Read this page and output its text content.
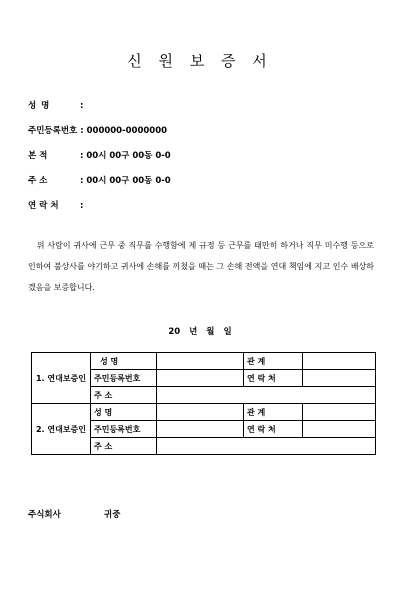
신 원 보 증 서
성 명	:
주민등록번호 : 000000-0000000
본 적	: 00시 00구 00동 0-0
주 소	: 00시 00구 00동 0-0
연 락 처	:
위 사람이 귀사에 근무 중 직무를 수행함에 제 규정 등 근무를 태만히 하거나 직무 미수행 등으로 인하여 불상사를 야기하고 귀사에 손해를 끼쳤을 때는 그 손해 전액을 연대 책임에 지고 인수 배상하겠음을 보증합니다.
20 년 월 일
1. 연대보증인	성 명		관 계	
	주민등록번호		연 락 처	
	주 소			
2. 연대보증인	성 명		관 계	
	주민등록번호		연 락 처	
	주 소			
주식회사	귀중
